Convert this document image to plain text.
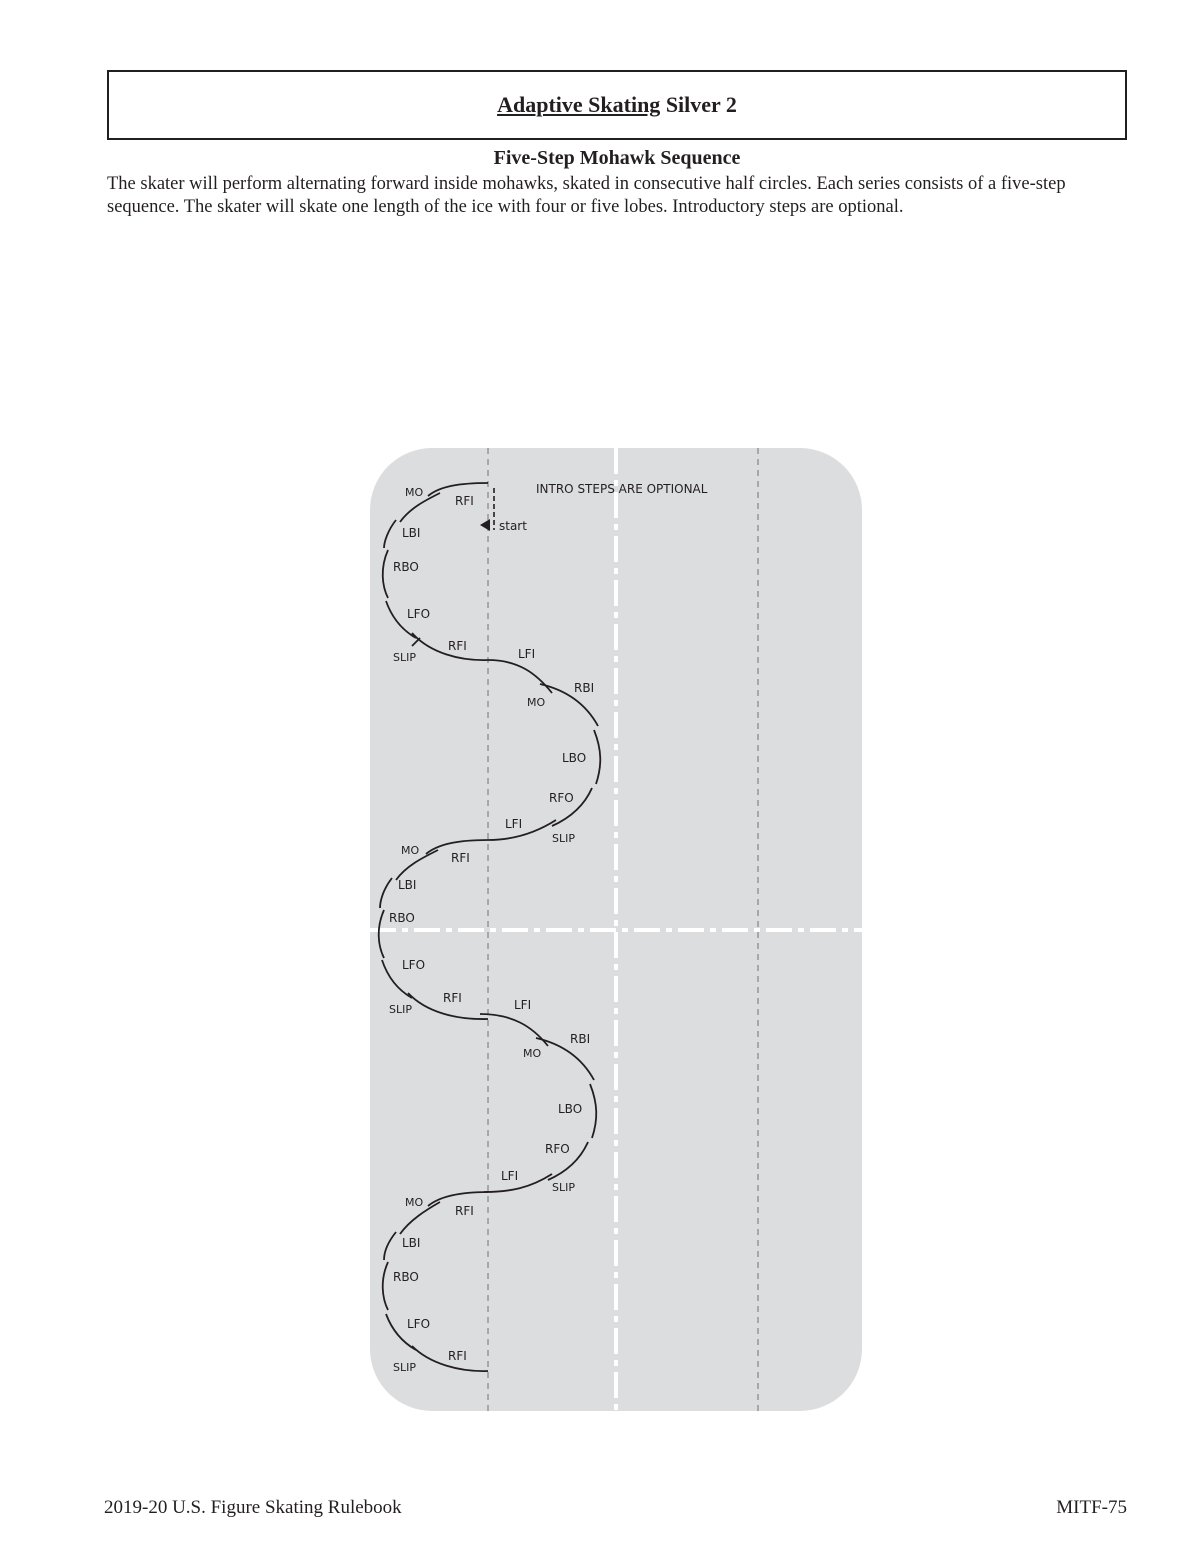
Adaptive Skating Silver 2

Five-Step Mohawk Sequence

The skater will perform alternating forward inside mohawks, skated in consecutive half circles. Each series consists of a five-step sequence. The skater will skate one length of the ice with four or five lobes. Introductory steps are optional.

start
INTRO STEPS ARE OPTIONAL
MO
RFI
LBI
RBO
LFO
RFI
SLIP	LFI
RBI
MO
LBO
RFO
LFI
SLIP
MO
RFI
LBI
RBO
LFO
RFI
SLIP	LFI
RBI
MO
LBO
RFO
LFI
SLIP
MO
RFI
LBI
RBO
LFO
RFI
SLIP
2019-20 U.S. Figure Skating Rulebook	MITF-75
